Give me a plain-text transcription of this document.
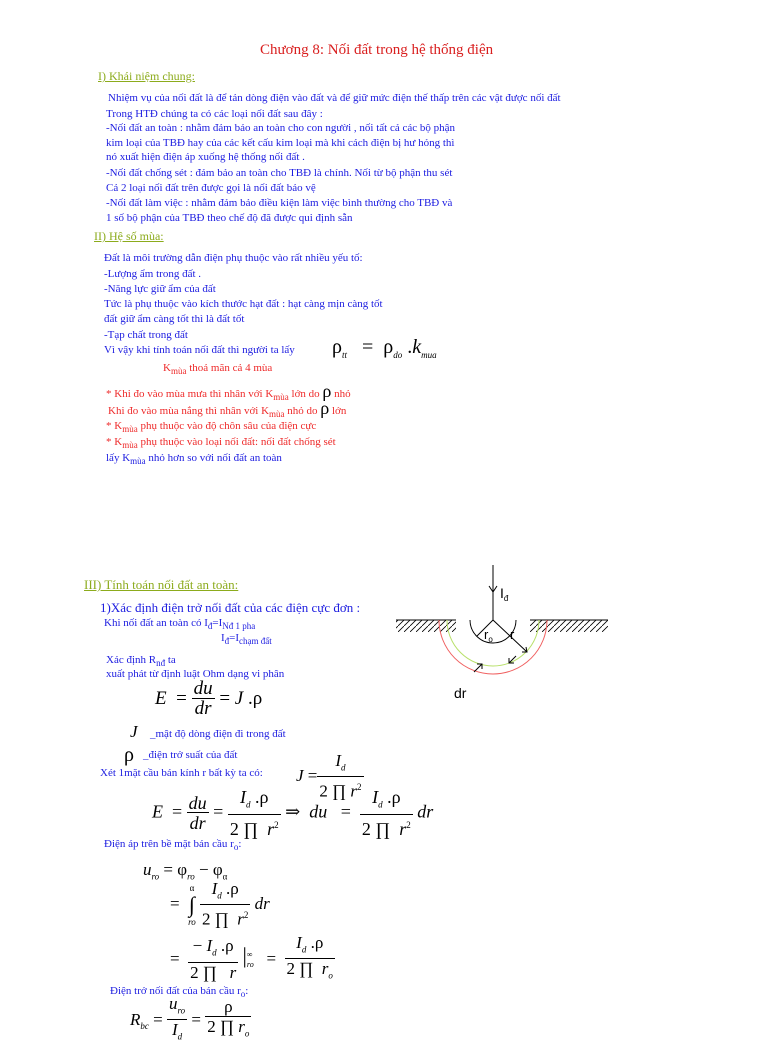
Chương 8: Nối đất trong hệ thống điện
I) Khái niệm chung:
Nhiệm vụ của nối đất là để tản dòng điện vào đất và để giữ mức điện thế thấp trên các vật được nối đất
Trong HTĐ chúng ta có các loại nối đất sau đây :
-Nối đất an toàn : nhằm đảm bảo an toàn cho con người , nối tất cả các bộ phận
kim loại của TBĐ hay của các kết cấu kim loại mà khi cách điện bị hư hỏng thì
nó xuất hiện điện áp xuống hệ thống nối đất .
-Nối đất chống sét : đảm bảo an toàn cho TBĐ là chính. Nối từ bộ phận thu sét
Cả 2 loại nối đất trên được gọi là nối đất bảo vệ
-Nối đất làm việc : nhằm đảm bảo điều kiện làm việc bình thường cho TBĐ và
1 số bộ phận của TBĐ theo chế độ đã được qui định sẵn
II) Hệ số mùa:
Đất là môi trường dẫn điện phụ thuộc vào rất nhiều yếu tố:
-Lượng ẩm trong đất .
-Năng lực giữ ẩm của đất
Tức là phụ thuộc vào kích thước hạt đất : hạt càng mịn càng tốt
đất giữ ẩm càng tốt thì là đất tốt
-Tạp chất trong đất
Vì vậy khi tính toán nối đất thì người ta lấy $\rho_{tt} = \rho_{do}$ $.k_{mua}$
$K_{mùa}$ thoả mãn cả 4 mùa
* Khi đo vào mùa mưa thì nhân với $K_{mùa}$ lớn do ρ nhỏ
Khi đo vào mùa nắng thì nhân với $K_{mùa}$ nhỏ do ρ lớn
* $K_{mùa}$ phụ thuộc vào độ chôn sâu của điện cực
* $K_{mùa}$ phụ thuộc vào loại nối đất: nối đất chống sét
lấy $K_{mùa}$ nhỏ hơn so với nối đất an toàn
III) Tính toán nối đất an toàn:
1)Xác định điện trở nối đất của các điện cực đơn :
Khi nối đất an toàn có $I_đ=I_{Nđ 1 pha}$
$I_đ=I_{chạm đất}$
Xác định $R_{nđ}$ ta
xuất phát từ định luật Ohm dạng vi phân
$E = \frac{du}{dr} = J$ .ρ
J _mật độ dòng điện đi trong đất
ρ _điện trở suất của đất
Xét 1mặt cầu bán kính r bất kỳ ta có: $J = \frac{I_d}{2 \prod r^2}$
$E = \frac{du}{dr} = \frac{I_d .\rho}{2 \prod r^2}$ ⇒  du   = $\frac{I_d .\rho}{2 \prod r^2}$ dr
Điện áp trên bề mặt bán cầu $r_o$:
$u_{ro} = \varphi_{ro} - \varphi_\alpha$
=
α
∫
ro
$\frac{I_d .\rho}{2 \prod r^2}$ dr
= $\frac{- I_d .\rho}{2 \prod r}$ |∞
ro   = $\frac{I_d .\rho}{2 \prod r_o}$
Điện trở nối đất của bán cầu $r_o$:
$R_{bc} = \frac{u_{ro}}{I_d} = \frac{\rho}{2 \prod r_o}$
$I_đ$
$r_o$ r
dr
